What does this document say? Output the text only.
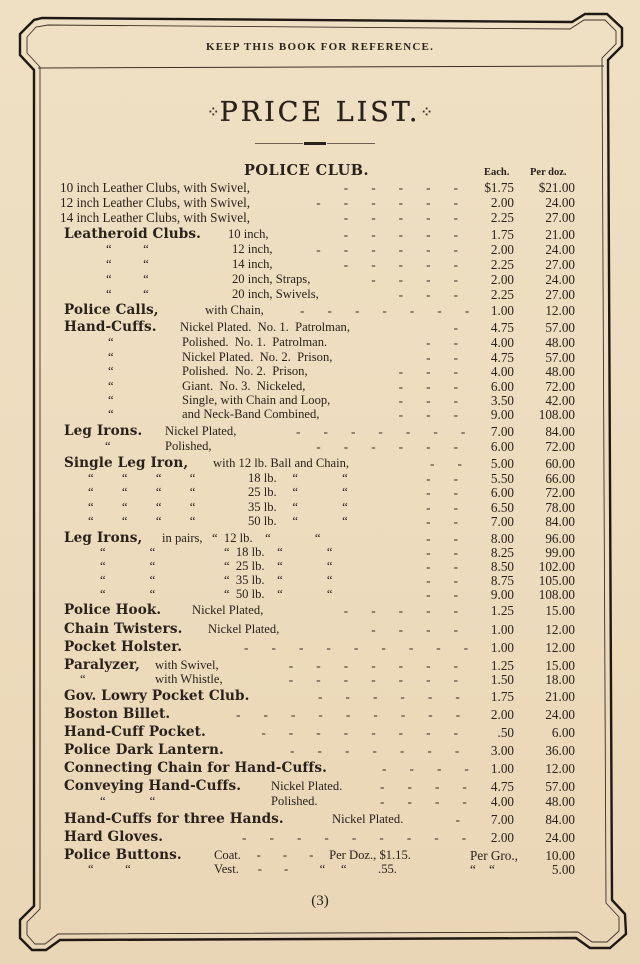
KEEP THIS BOOK FOR REFERENCE.
⁘PRICE LIST.⁘
POLICE CLUB.	Each. Per doz.
10 inch Leather Clubs, with Swivel,	-       -       -       -       -	$1.75	$21.00
12 inch Leather Clubs, with Swivel,	-       -       -       -       -       -	2.00	24.00
14 inch Leather Clubs, with Swivel,	-       -       -       -       -	2.25	27.00
Leatheroid Clubs. 10 inch,	-       -       -       -       -	1.75	21.00
“          “	12 inch,	-       -       -       -       -       -	2.00	24.00
“          “	14 inch,	-       -       -       -       -	2.25	27.00
“          “	20 inch, Straps,	-       -       -       -	2.00	24.00
“          “	20 inch, Swivels,	-       -       -	2.25	27.00
Police Calls,	with Chain,	-       -       -       -       -       -       -	1.00	12.00
Hand-Cuffs. Nickel Plated.  No. 1.  Patrolman,	-	4.75	57.00
“	Polished.  No. 1.  Patrolman.	-       -	4.00	48.00
“	Nickel Plated.  No. 2.  Prison,	-       -	4.75	57.00
“	Polished.  No. 2.  Prison,	-       -       -	4.00	48.00
“	Giant.  No. 3.  Nickeled,	-       -       -	6.00	72.00
“	Single, with Chain and Loop,	-       -       -	3.50	42.00
“	and Neck-Band Combined,	-       -       -	9.00	108.00
Leg Irons. Nickel Plated,	-       -       -       -       -       -       -	7.00	84.00
“	Polished,	-       -       -       -       -       -	6.00	72.00
Single Leg Iron, with 12 lb. Ball and Chain,	-       -	5.00	60.00
“         “         “         “	18 lb.     “              “	-       -	5.50	66.00
“         “         “         “	25 lb.     “              “	-       -	6.00	72.00
“         “         “         “	35 lb.     “              “	-       -	6.50	78.00
“         “         “         “	50 lb.     “              “	-       -	7.00	84.00
Leg Irons, in pairs,   “  12 lb.    “              “	-       -	8.00	96.00
“              “	“  18 lb.    “              “	-       -	8.25	99.00
“              “	“  25 lb.    “              “	-       -	8.50	102.00
“              “	“  35 lb.    “              “	-       -	8.75	105.00
“              “	“  50 lb.    “              “	-       -	9.00	108.00
Police Hook. Nickel Plated,	-       -       -       -       -	1.25	15.00
Chain Twisters. Nickel Plated,	-       -       -       -	1.00	12.00
Pocket Holster.	-       -       -       -       -       -       -       -       -	1.00	12.00
Paralyzer, with Swivel,	-       -       -       -       -       -       -	1.25	15.00
“	with Whistle,	-       -       -       -       -       -       -	1.50	18.00
Gov. Lowry Pocket Club.	-       -       -       -       -       -	1.75	21.00
Boston Billet.	-       -       -       -       -       -       -       -       -	2.00	24.00
Hand-Cuff Pocket.	-       -       -       -       -       -       -       -	.50	6.00
Police Dark Lantern.	-       -       -       -       -       -       -	3.00	36.00
Connecting Chain for Hand-Cuffs.	-       -       -       -	1.00	12.00
Conveying Hand-Cuffs. Nickel Plated.	-       -       -       -	4.75	57.00
“              “	Polished.	-       -       -       -	4.00	48.00
Hand-Cuffs for three Hands.	Nickel Plated.	-	7.00	84.00
Hard Gloves.	-       -       -       -       -       -       -       -       -	2.00	24.00
Police Buttons.	Coat.     -       -       -     Per Doz., $1.15.	Per Gro.,	10.00
“          “	Vest.      -       -          “     “          .55.	“    “	5.00
(3)
